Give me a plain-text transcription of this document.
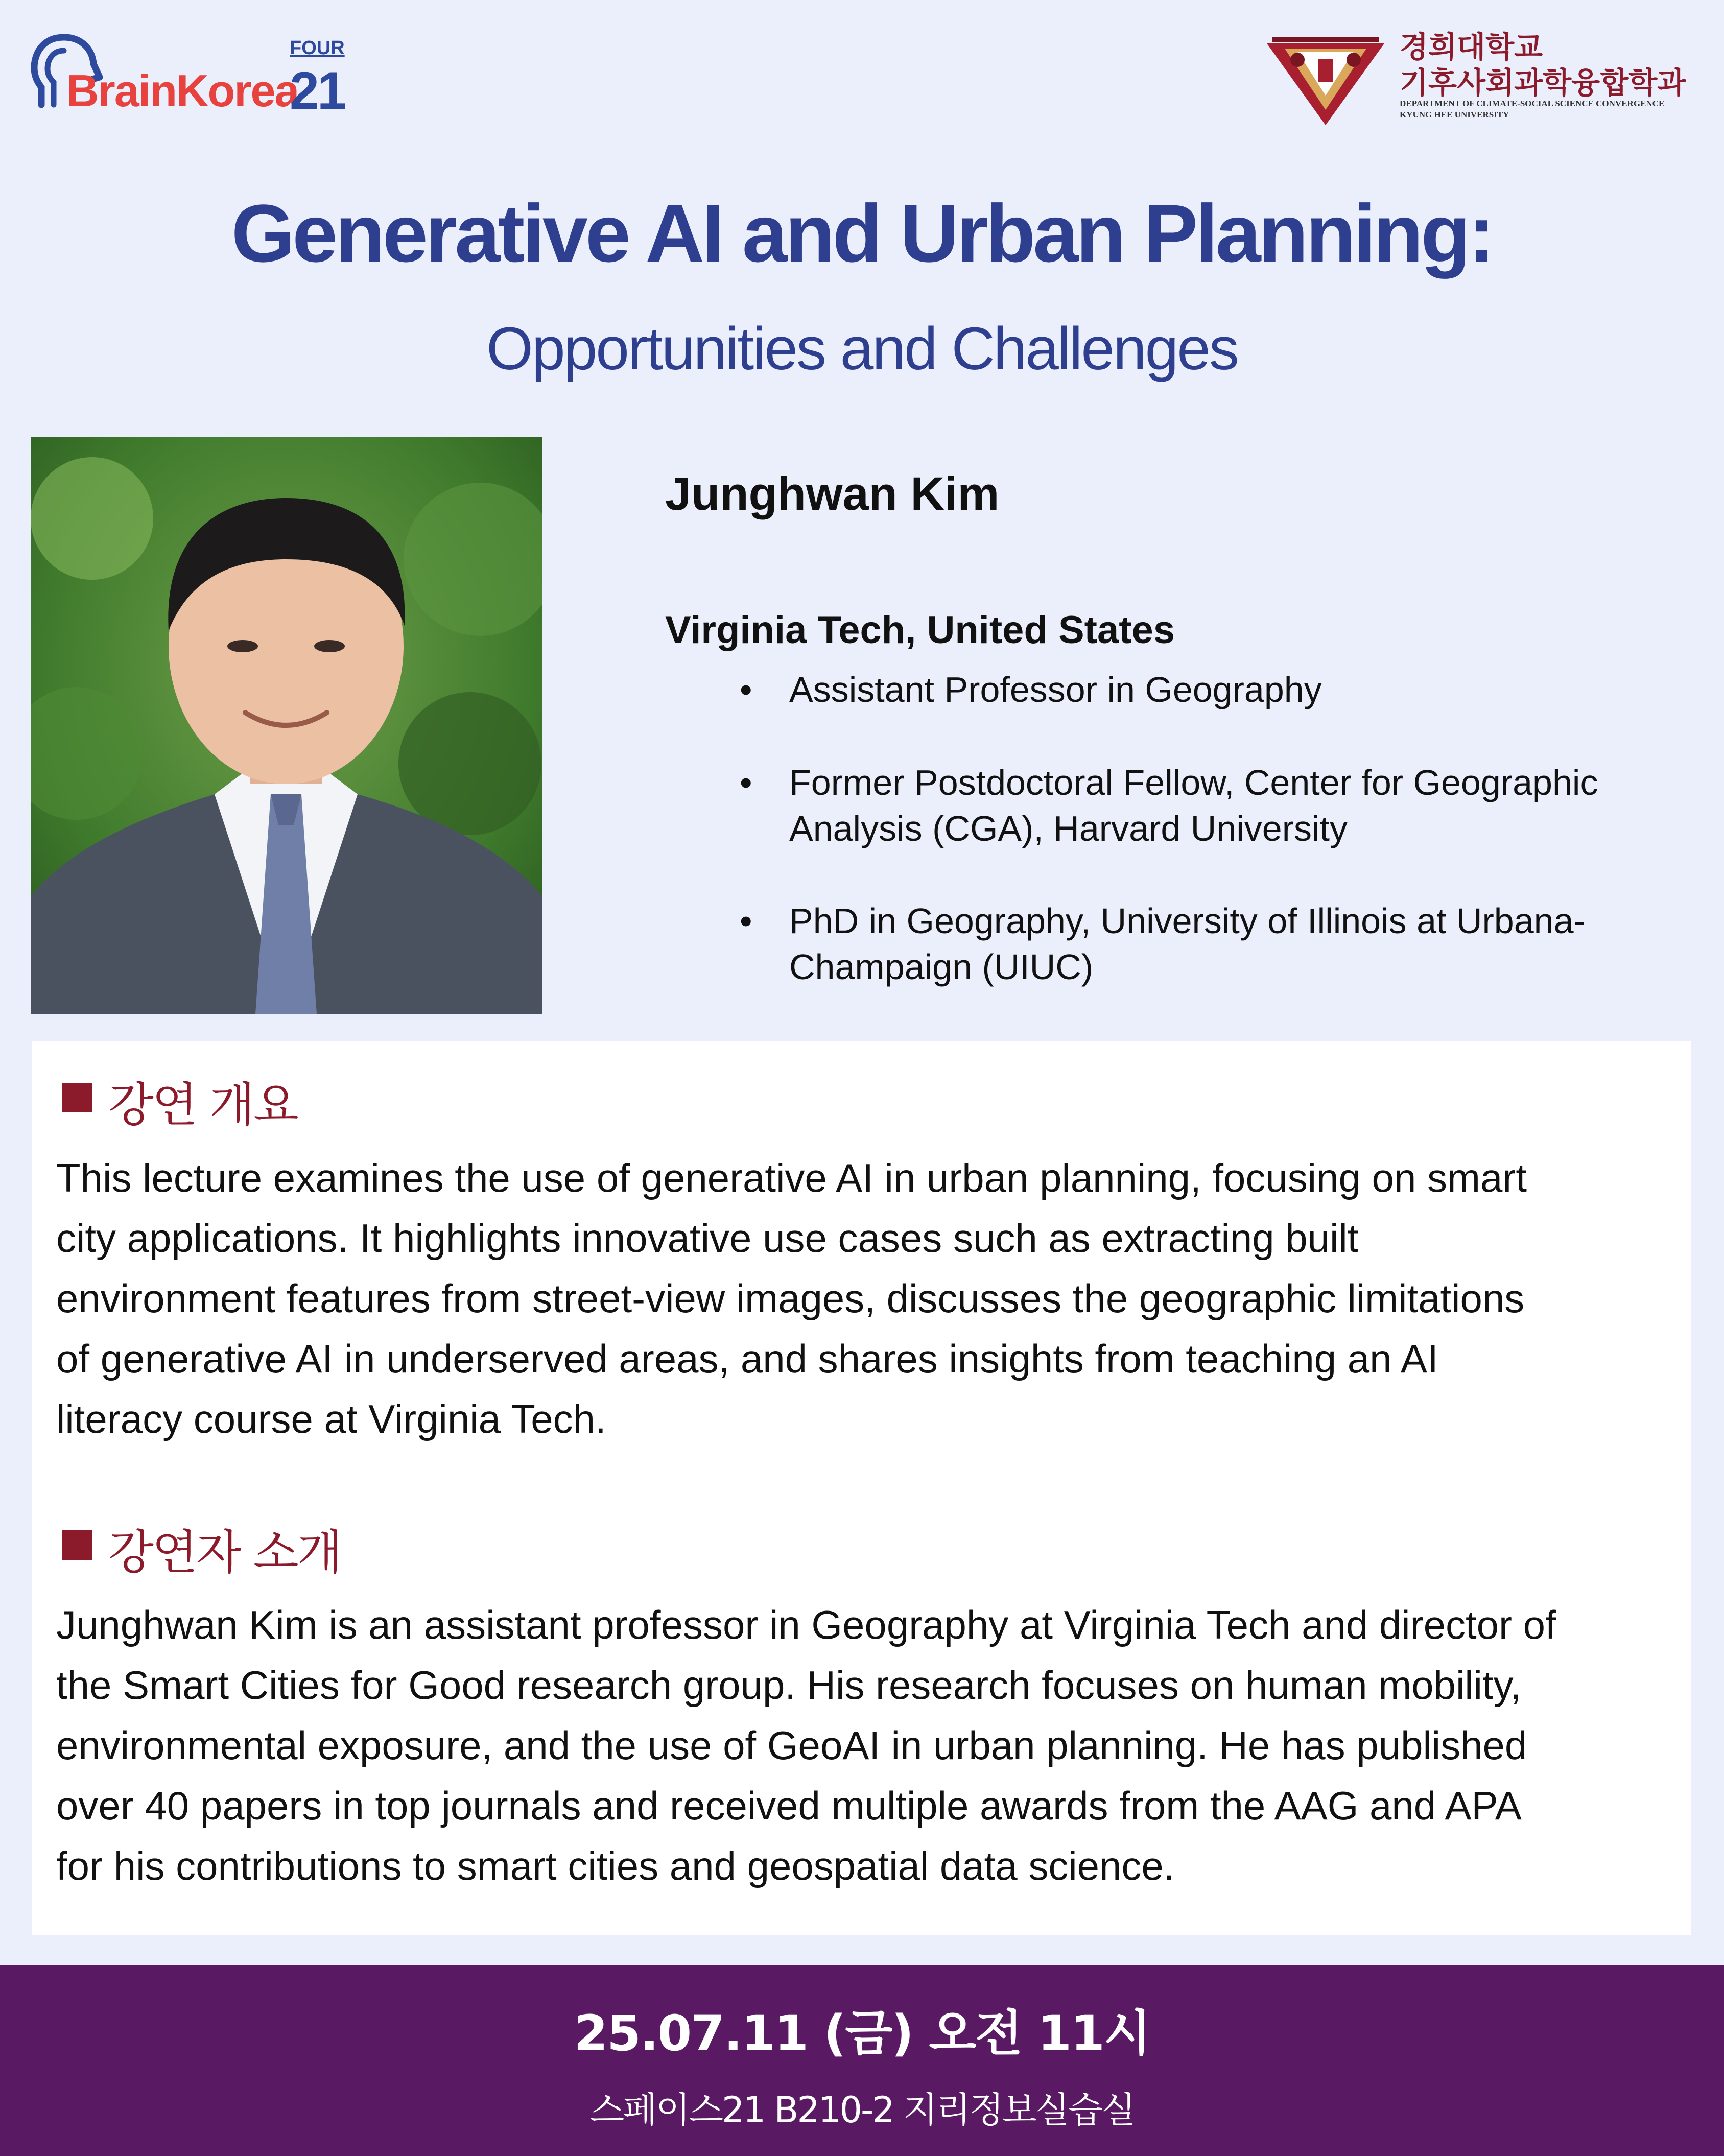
BrainKorea
FOUR
21
경희대학교
기후사회과학융합학과
DEPARTMENT OF CLIMATE-SOCIAL SCIENCE CONVERGENCE
KYUNG HEE UNIVERSITY
Generative AI and Urban Planning:
Opportunities and Challenges
Junghwan Kim
Virginia Tech, United States
• Assistant Professor in Geography
• Former Postdoctoral Fellow, Center for Geographic
Analysis (CGA), Harvard University
• PhD in Geography, University of Illinois at Urbana-
Champaign (UIUC)
강연 개요
This lecture examines the use of generative AI in urban planning, focusing on smart
city applications. It highlights innovative use cases such as extracting built
environment features from street-view images, discusses the geographic limitations
of generative AI in underserved areas, and shares insights from teaching an AI
literacy course at Virginia Tech.
강연자 소개
Junghwan Kim is an assistant professor in Geography at Virginia Tech and director of
the Smart Cities for Good research group. His research focuses on human mobility,
environmental exposure, and the use of GeoAI in urban planning. He has published
over 40 papers in top journals and received multiple awards from the AAG and APA
for his contributions to smart cities and geospatial data science.
25.07.11 (금) 오전 11시
스페이스21 B210-2 지리정보실습실
